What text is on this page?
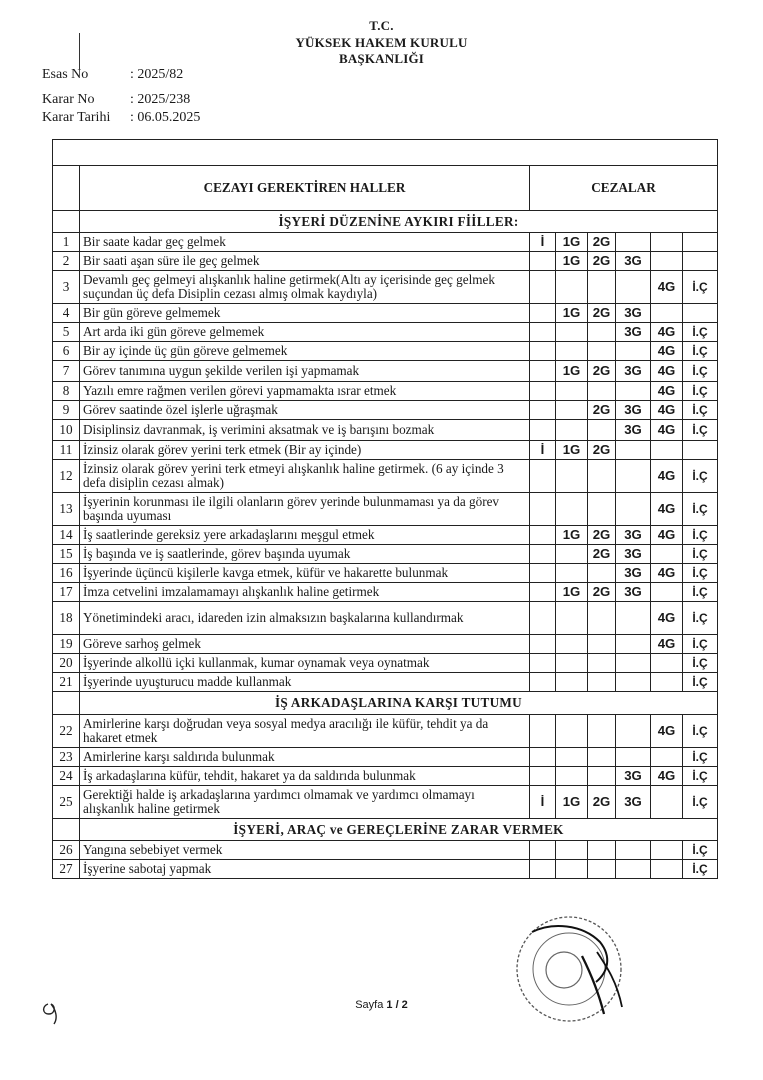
T.C.
YÜKSEK HAKEM KURULU
BAŞKANLIĞI
Esas No	: 2025/82
Karar No	: 2025/238
Karar Tarihi : 06.05.2025

	CEZAYI GEREKTİREN HALLER	CEZALAR					
	İŞYERİ DÜZENİNE AYKIRI FİİLLER:						
1	Bir saate kadar geç gelmek	İ	1G	2G			
2	Bir saati aşan süre ile geç gelmek		1G	2G	3G		
3	Devamlı geç gelmeyi alışkanlık haline getirmek(Altı ay içerisinde geç gelmek suçundan üç defa Disiplin cezası almış olmak kaydıyla)					4G	İ.Ç
4	Bir gün göreve gelmemek		1G	2G	3G		
5	Art arda iki gün göreve gelmemek				3G	4G	İ.Ç
6	Bir ay içinde üç gün göreve gelmemek					4G	İ.Ç
7	Görev tanımına uygun şekilde verilen işi yapmamak		1G	2G	3G	4G	İ.Ç
8	Yazılı emre rağmen verilen görevi yapmamakta ısrar etmek					4G	İ.Ç
9	Görev saatinde özel işlerle uğraşmak			2G	3G	4G	İ.Ç
10	Disiplinsiz davranmak, iş verimini aksatmak ve iş barışını bozmak				3G	4G	İ.Ç
11	İzinsiz olarak görev yerini terk etmek (Bir ay içinde)	İ	1G	2G			
12	İzinsiz olarak görev yerini terk etmeyi alışkanlık haline getirmek. (6 ay içinde 3 defa disiplin cezası almak)					4G	İ.Ç
13	İşyerinin korunması ile ilgili olanların görev yerinde bulunmaması ya da görev başında uyuması					4G	İ.Ç
14	İş saatlerinde gereksiz yere arkadaşlarını meşgul etmek		1G	2G	3G	4G	İ.Ç
15	İş başında ve iş saatlerinde, görev başında uyumak			2G	3G		İ.Ç
16	İşyerinde üçüncü kişilerle kavga etmek, küfür ve hakarette bulunmak				3G	4G	İ.Ç
17	İmza cetvelini imzalamamayı alışkanlık haline getirmek		1G	2G	3G		İ.Ç
18	Yönetimindeki aracı, idareden izin almaksızın başkalarına kullandırmak					4G	İ.Ç
19	Göreve sarhoş gelmek					4G	İ.Ç
20	İşyerinde alkollü içki kullanmak, kumar oynamak veya oynatmak						İ.Ç
21	İşyerinde uyuşturucu madde kullanmak						İ.Ç
	İŞ ARKADAŞLARINA KARŞI TUTUMU						
22	Amirlerine karşı doğrudan veya sosyal medya aracılığı ile küfür, tehdit ya da hakaret etmek					4G	İ.Ç
23	Amirlerine karşı saldırıda bulunmak						İ.Ç
24	İş arkadaşlarına küfür, tehdit, hakaret ya da saldırıda bulunmak				3G	4G	İ.Ç
25	Gerektiği halde iş arkadaşlarına yardımcı olmamak ve yardımcı olmamayı alışkanlık haline getirmek	İ	1G	2G	3G		İ.Ç
	İŞYERİ, ARAÇ ve GEREÇLERİNE ZARAR VERMEK						
26	Yangına sebebiyet vermek						İ.Ç
27	İşyerine sabotaj yapmak						İ.Ç
Sayfa 1 / 2
